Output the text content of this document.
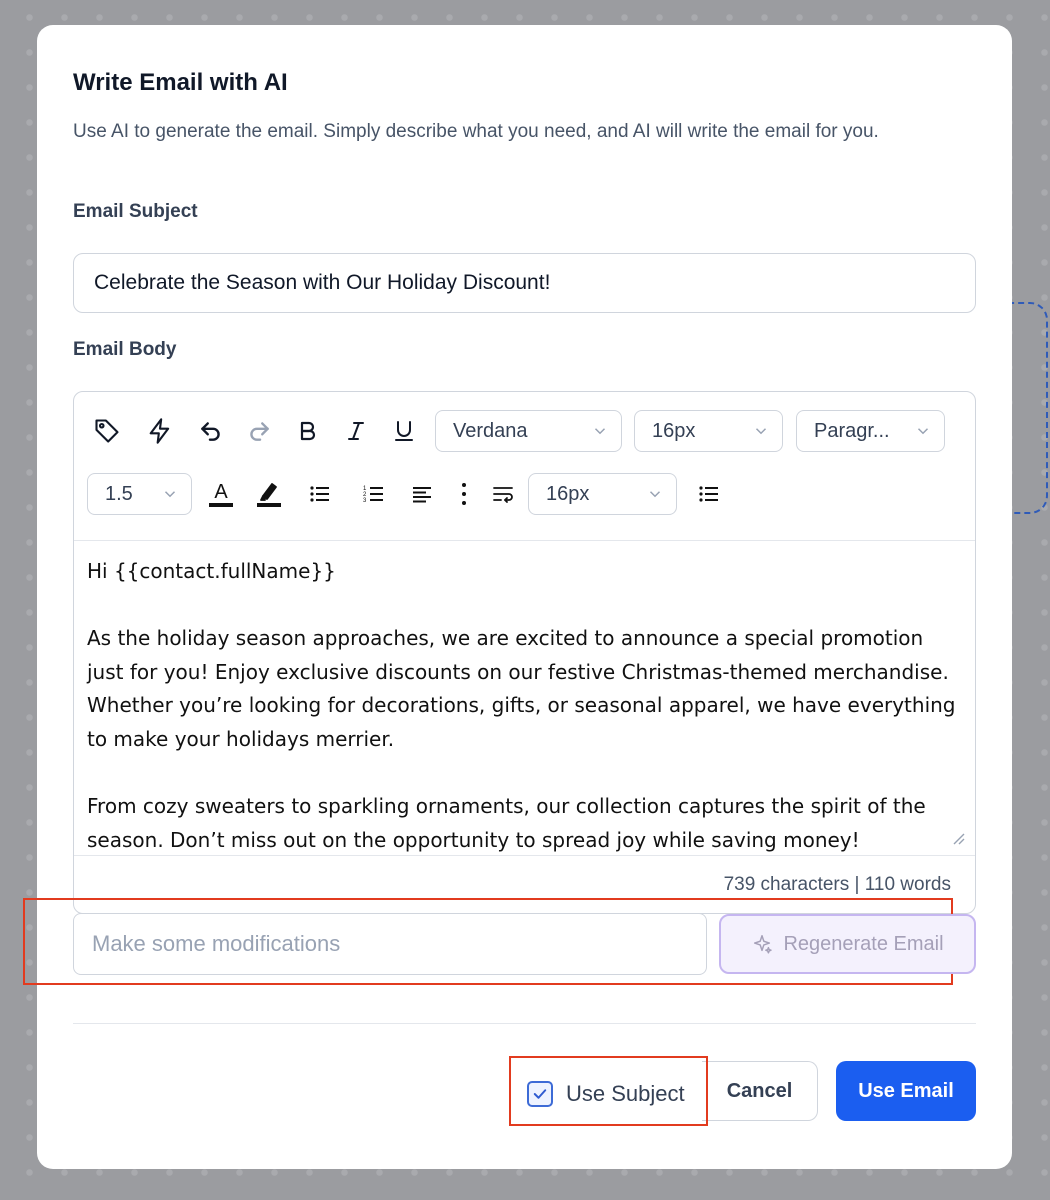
Write Email with AI
Use AI to generate the email. Simply describe what you need, and AI will write the email for you.
Email Subject
Celebrate the Season with Our Holiday Discount!
Email Body
Verdana	16px	Paragr...
1.5	A	1
2
3	16px

Hi {{contact.fullName}}

As the holiday season approaches, we are excited to announce a special promotion just for you! Enjoy exclusive discounts on our festive Christmas-themed merchandise. Whether you’re looking for decorations, gifts, or seasonal apparel, we have everything to make your holidays merrier.

From cozy sweaters to sparkling ornaments, our collection captures the spirit of the season. Don’t miss out on the opportunity to spread joy while saving money!

739 characters | 110 words
Make some modifications	Regenerate Email
Cancel
Use Subject	Use Email
